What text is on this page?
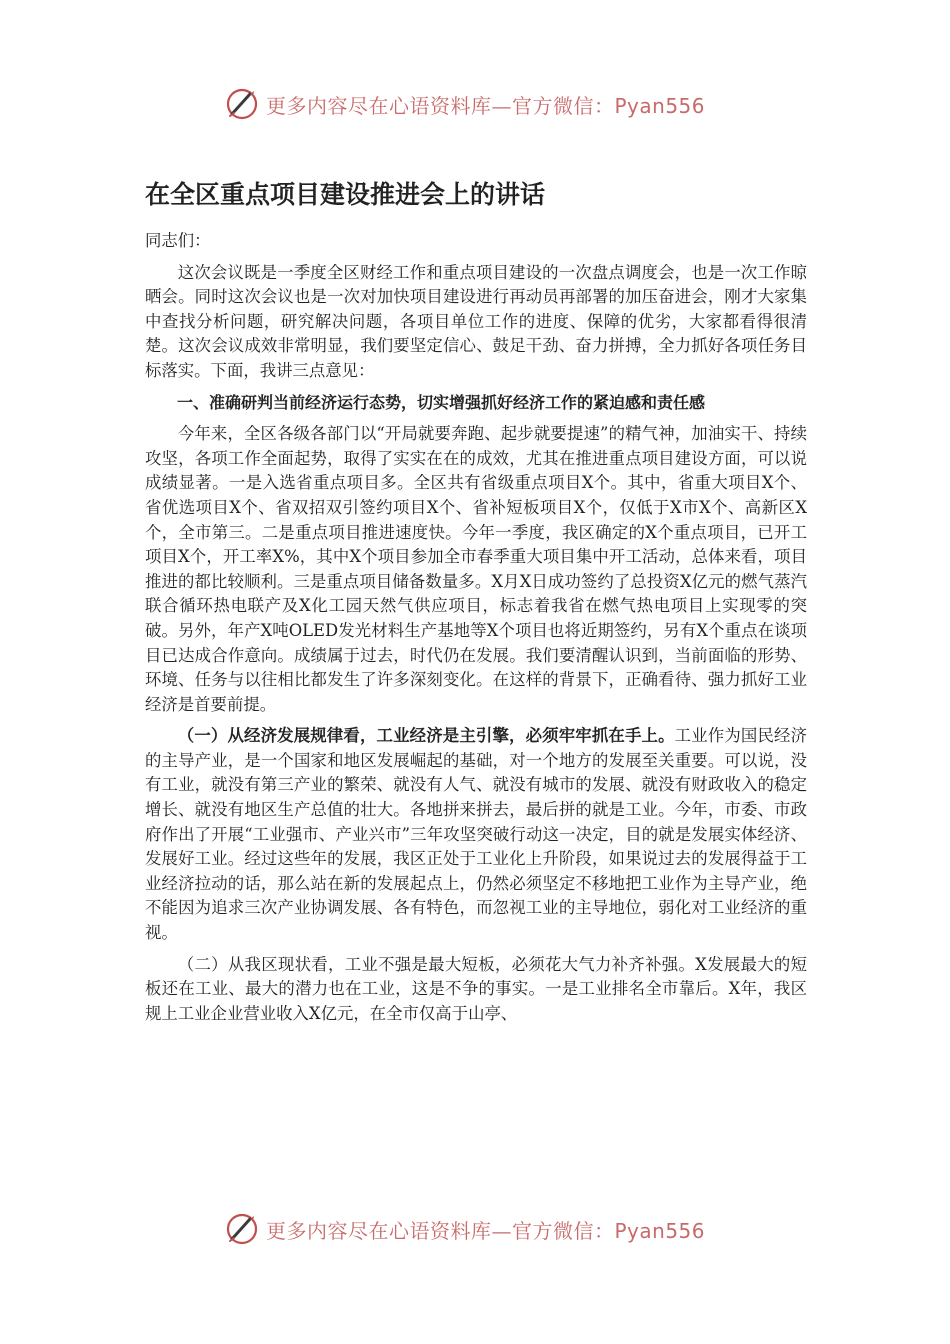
更多内容尽在心语资料库—官方微信：Pyan556
在全区重点项目建设推进会上的讲话

同志们：

这次会议既是一季度全区财经工作和重点项目建设的一次盘点调度会，也是一次工作晾晒会。同时这次会议也是一次对加快项目建设进行再动员再部署的加压奋进会，刚才大家集中查找分析问题，研究解决问题，各项目单位工作的进度、保障的优劣，大家都看得很清楚。这次会议成效非常明显，我们要坚定信心、鼓足干劲、奋力拼搏，全力抓好各项任务目标落实。下面，我讲三点意见：

一、准确研判当前经济运行态势，切实增强抓好经济工作的紧迫感和责任感

今年来，全区各级各部门以“开局就要奔跑、起步就要提速”的精气神，加油实干、持续攻坚，各项工作全面起势，取得了实实在在的成效，尤其在推进重点项目建设方面，可以说成绩显著。一是入选省重点项目多。全区共有省级重点项目X个。其中，省重大项目X个、省优选项目X个、省双招双引签约项目X个、省补短板项目X个，仅低于X市X个、高新区X个，全市第三。二是重点项目推进速度快。今年一季度，我区确定的X个重点项目，已开工项目X个，开工率X%，其中X个项目参加全市春季重大项目集中开工活动，总体来看，项目推进的都比较顺利。三是重点项目储备数量多。X月X日成功签约了总投资X亿元的燃气蒸汽联合循环热电联产及X化工园天然气供应项目，标志着我省在燃气热电项目上实现零的突破。另外，年产X吨OLED发光材料生产基地等X个项目也将近期签约，另有X个重点在谈项目已达成合作意向。成绩属于过去，时代仍在发展。我们要清醒认识到，当前面临的形势、环境、任务与以往相比都发生了许多深刻变化。在这样的背景下，正确看待、强力抓好工业经济是首要前提。

（一）从经济发展规律看，工业经济是主引擎，必须牢牢抓在手上。工业作为国民经济的主导产业，是一个国家和地区发展崛起的基础，对一个地方的发展至关重要。可以说，没有工业，就没有第三产业的繁荣、就没有人气、就没有城市的发展、就没有财政收入的稳定增长、就没有地区生产总值的壮大。各地拼来拼去，最后拼的就是工业。今年，市委、市政府作出了开展“工业强市、产业兴市”三年攻坚突破行动这一决定，目的就是发展实体经济、发展好工业。经过这些年的发展，我区正处于工业化上升阶段，如果说过去的发展得益于工业经济拉动的话，那么站在新的发展起点上，仍然必须坚定不移地把工业作为主导产业，绝不能因为追求三次产业协调发展、各有特色，而忽视工业的主导地位，弱化对工业经济的重视。

（二）从我区现状看，工业不强是最大短板，必须花大气力补齐补强。X发展最大的短板还在工业、最大的潜力也在工业，这是不争的事实。一是工业排名全市靠后。X年，我区规上工业企业营业收入X亿元，在全市仅高于山亭、

更多内容尽在心语资料库—官方微信：Pyan556
